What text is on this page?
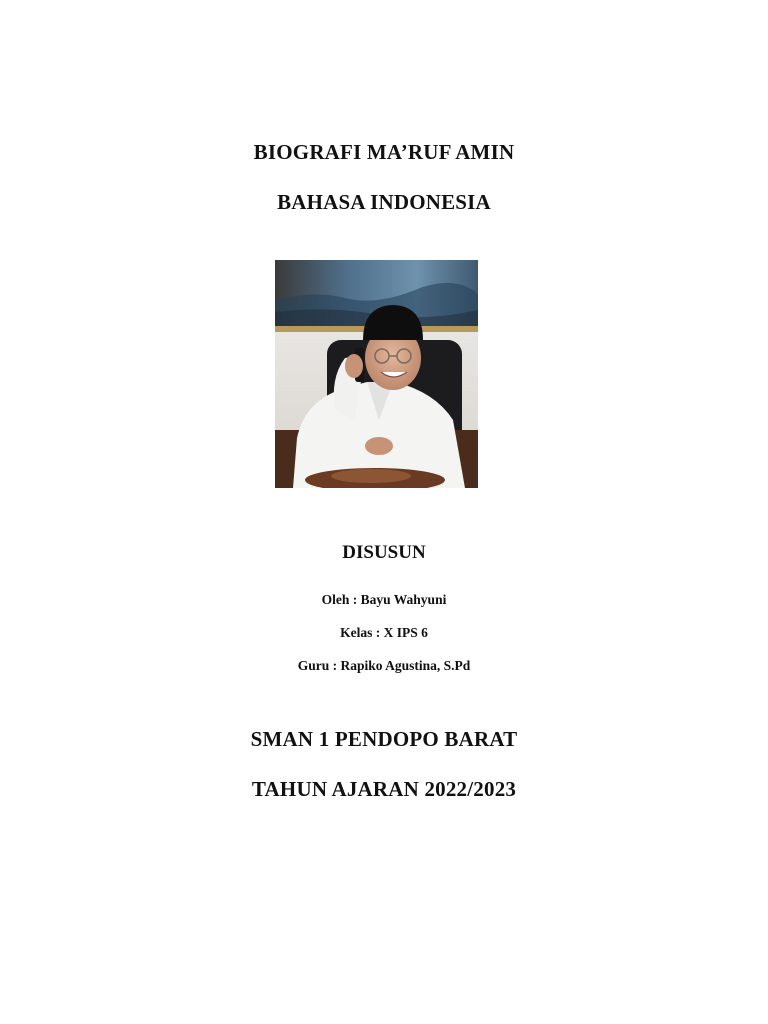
BIOGRAFI MA’RUF AMIN
BAHASA INDONESIA
DISUSUN
Oleh : Bayu Wahyuni
Kelas : X IPS 6
Guru : Rapiko Agustina, S.Pd
SMAN 1 PENDOPO BARAT
TAHUN AJARAN 2022/2023
